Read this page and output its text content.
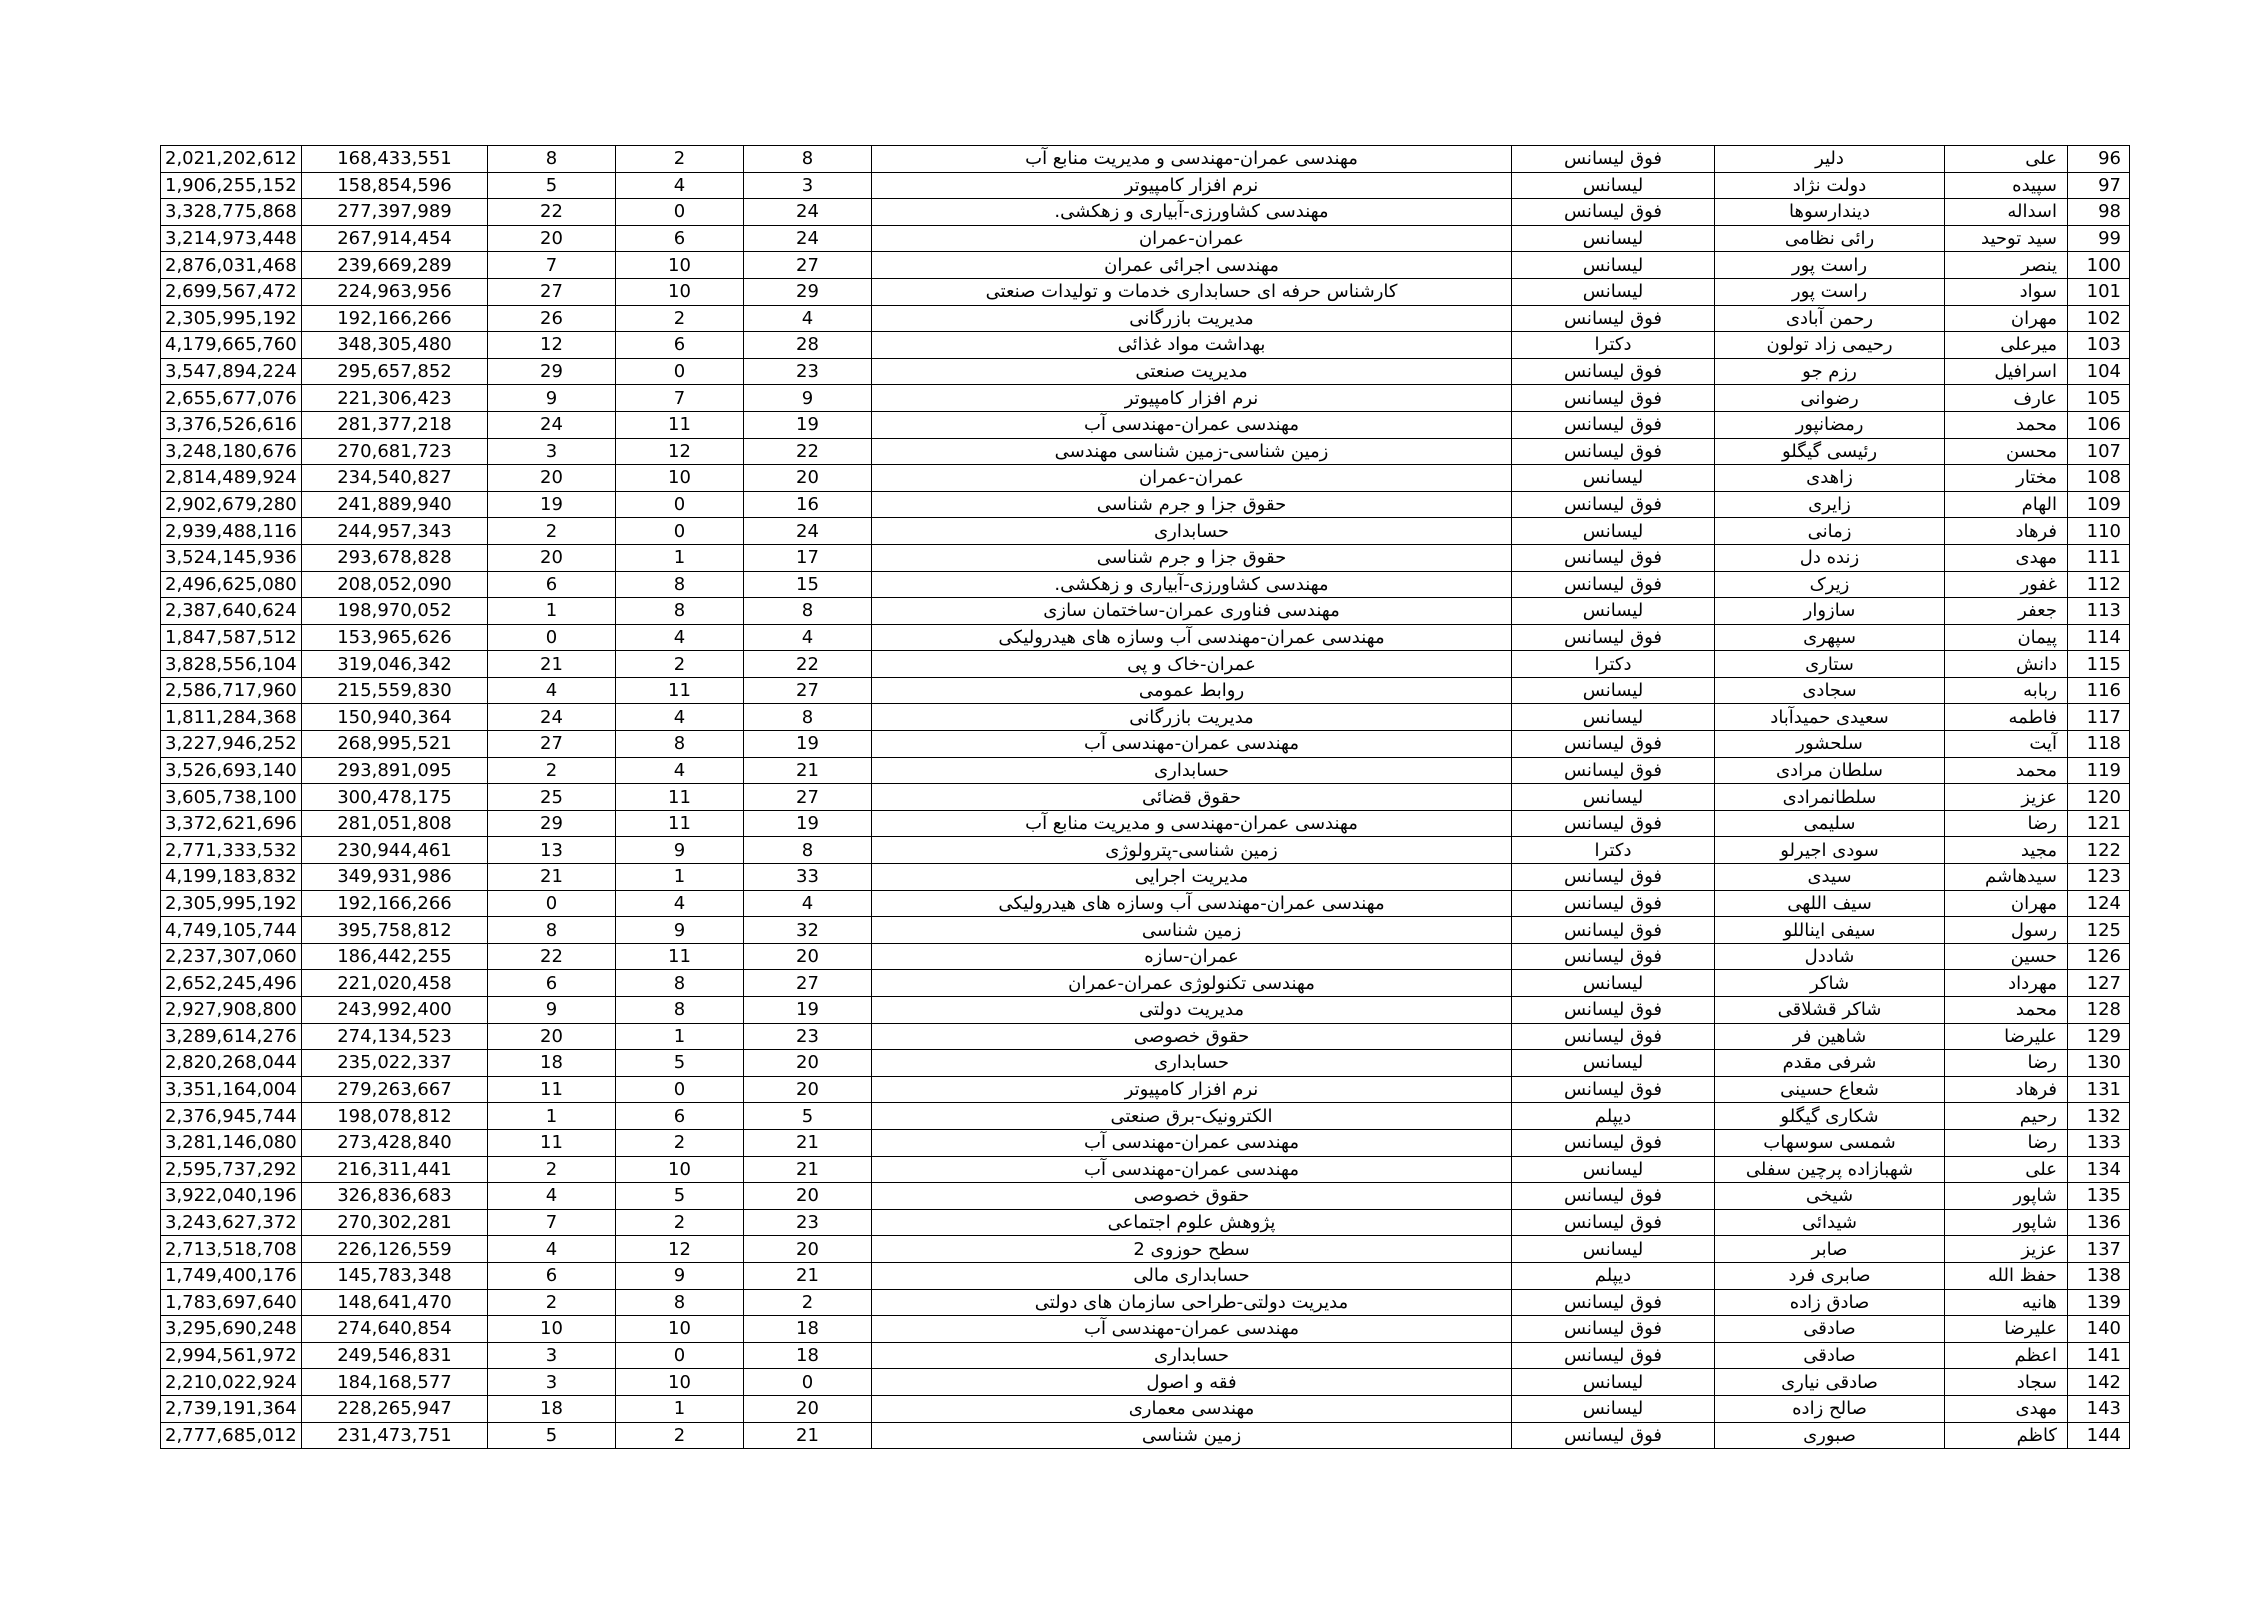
2,021,202,612	168,433,551	8	2	8	مهندسی عمران-مهندسی و مدیریت منابع آب	فوق لیسانس	دلیر	علی	96
1,906,255,152	158,854,596	5	4	3	نرم افزار کامپیوتر	لیسانس	دولت نژاد	سپیده	97
3,328,775,868	277,397,989	22	0	24	مهندسی کشاورزی-آبیاری و زهکشی.	فوق لیسانس	دیندارسوها	اسداله	98
3,214,973,448	267,914,454	20	6	24	عمران-عمران	لیسانس	رائی نظامی	سید توحید	99
2,876,031,468	239,669,289	7	10	27	مهندسی اجرائی عمران	لیسانس	راست پور	ینصر	100
2,699,567,472	224,963,956	27	10	29	کارشناس حرفه ای حسابداری خدمات و تولیدات صنعتی	لیسانس	راست پور	سواد	101
2,305,995,192	192,166,266	26	2	4	مدیریت بازرگانی	فوق لیسانس	رحمن آبادی	مهران	102
4,179,665,760	348,305,480	12	6	28	بهداشت مواد غذائی	دکترا	رحیمی زاد تولون	میرعلی	103
3,547,894,224	295,657,852	29	0	23	مدیریت صنعتی	فوق لیسانس	رزم جو	اسرافیل	104
2,655,677,076	221,306,423	9	7	9	نرم افزار کامپیوتر	فوق لیسانس	رضوانی	عارف	105
3,376,526,616	281,377,218	24	11	19	مهندسی عمران-مهندسی آب	فوق لیسانس	رمضانپور	محمد	106
3,248,180,676	270,681,723	3	12	22	زمین شناسی-زمین شناسی مهندسی	فوق لیسانس	رئیسی گیگلو	محسن	107
2,814,489,924	234,540,827	20	10	20	عمران-عمران	لیسانس	زاهدی	مختار	108
2,902,679,280	241,889,940	19	0	16	حقوق جزا و جرم شناسی	فوق لیسانس	زایری	الهام	109
2,939,488,116	244,957,343	2	0	24	حسابداری	لیسانس	زمانی	فرهاد	110
3,524,145,936	293,678,828	20	1	17	حقوق جزا و جرم شناسی	فوق لیسانس	زنده دل	مهدی	111
2,496,625,080	208,052,090	6	8	15	مهندسی کشاورزی-آبیاری و زهکشی.	فوق لیسانس	زیرک	غفور	112
2,387,640,624	198,970,052	1	8	8	مهندسی فناوری عمران-ساختمان سازی	لیسانس	سازوار	جعفر	113
1,847,587,512	153,965,626	0	4	4	مهندسی عمران-مهندسی آب وسازه های هیدرولیکی	فوق لیسانس	سپهری	پیمان	114
3,828,556,104	319,046,342	21	2	22	عمران-خاک و پی	دکترا	ستاری	دانش	115
2,586,717,960	215,559,830	4	11	27	روابط عمومی	لیسانس	سجادی	ربابه	116
1,811,284,368	150,940,364	24	4	8	مدیریت بازرگانی	لیسانس	سعیدی حمیدآباد	فاطمه	117
3,227,946,252	268,995,521	27	8	19	مهندسی عمران-مهندسی آب	فوق لیسانس	سلحشور	آیت	118
3,526,693,140	293,891,095	2	4	21	حسابداری	فوق لیسانس	سلطان مرادی	محمد	119
3,605,738,100	300,478,175	25	11	27	حقوق قضائی	لیسانس	سلطانمرادی	عزیز	120
3,372,621,696	281,051,808	29	11	19	مهندسی عمران-مهندسی و مدیریت منابع آب	فوق لیسانس	سلیمی	رضا	121
2,771,333,532	230,944,461	13	9	8	زمین شناسی-پترولوژی	دکترا	سودی اجیرلو	مجید	122
4,199,183,832	349,931,986	21	1	33	مدیریت اجرایی	فوق لیسانس	سیدی	سیدهاشم	123
2,305,995,192	192,166,266	0	4	4	مهندسی عمران-مهندسی آب وسازه های هیدرولیکی	فوق لیسانس	سیف اللهی	مهران	124
4,749,105,744	395,758,812	8	9	32	زمین شناسی	فوق لیسانس	سیفی ایناللو	رسول	125
2,237,307,060	186,442,255	22	11	20	عمران-سازه	فوق لیسانس	شاددل	حسین	126
2,652,245,496	221,020,458	6	8	27	مهندسی تکنولوژی عمران-عمران	لیسانس	شاکر	مهرداد	127
2,927,908,800	243,992,400	9	8	19	مدیریت دولتی	فوق لیسانس	شاکر قشلاقی	محمد	128
3,289,614,276	274,134,523	20	1	23	حقوق خصوصی	فوق لیسانس	شاهین فر	علیرضا	129
2,820,268,044	235,022,337	18	5	20	حسابداری	لیسانس	شرفی مقدم	رضا	130
3,351,164,004	279,263,667	11	0	20	نرم افزار کامپیوتر	فوق لیسانس	شعاع حسینی	فرهاد	131
2,376,945,744	198,078,812	1	6	5	الکترونیک-برق صنعتی	دیپلم	شکاری گیگلو	رحیم	132
3,281,146,080	273,428,840	11	2	21	مهندسی عمران-مهندسی آب	فوق لیسانس	شمسی سوسهاب	رضا	133
2,595,737,292	216,311,441	2	10	21	مهندسی عمران-مهندسی آب	لیسانس	شهبازاده پرچین سفلی	علی	134
3,922,040,196	326,836,683	4	5	20	حقوق خصوصی	فوق لیسانس	شیخی	شاپور	135
3,243,627,372	270,302,281	7	2	23	پژوهش علوم اجتماعی	فوق لیسانس	شیدائی	شاپور	136
2,713,518,708	226,126,559	4	12	20	سطح حوزوی 2	لیسانس	صابر	عزیز	137
1,749,400,176	145,783,348	6	9	21	حسابداری مالی	دیپلم	صابری فرد	حفظ الله	138
1,783,697,640	148,641,470	2	8	2	مدیریت دولتی-طراحی سازمان های دولتی	فوق لیسانس	صادق زاده	هانیه	139
3,295,690,248	274,640,854	10	10	18	مهندسی عمران-مهندسی آب	فوق لیسانس	صادقی	علیرضا	140
2,994,561,972	249,546,831	3	0	18	حسابداری	فوق لیسانس	صادقی	اعظم	141
2,210,022,924	184,168,577	3	10	0	فقه و اصول	لیسانس	صادقی نیاری	سجاد	142
2,739,191,364	228,265,947	18	1	20	مهندسی معماری	لیسانس	صالح زاده	مهدی	143
2,777,685,012	231,473,751	5	2	21	زمین شناسی	فوق لیسانس	صبوری	کاظم	144
